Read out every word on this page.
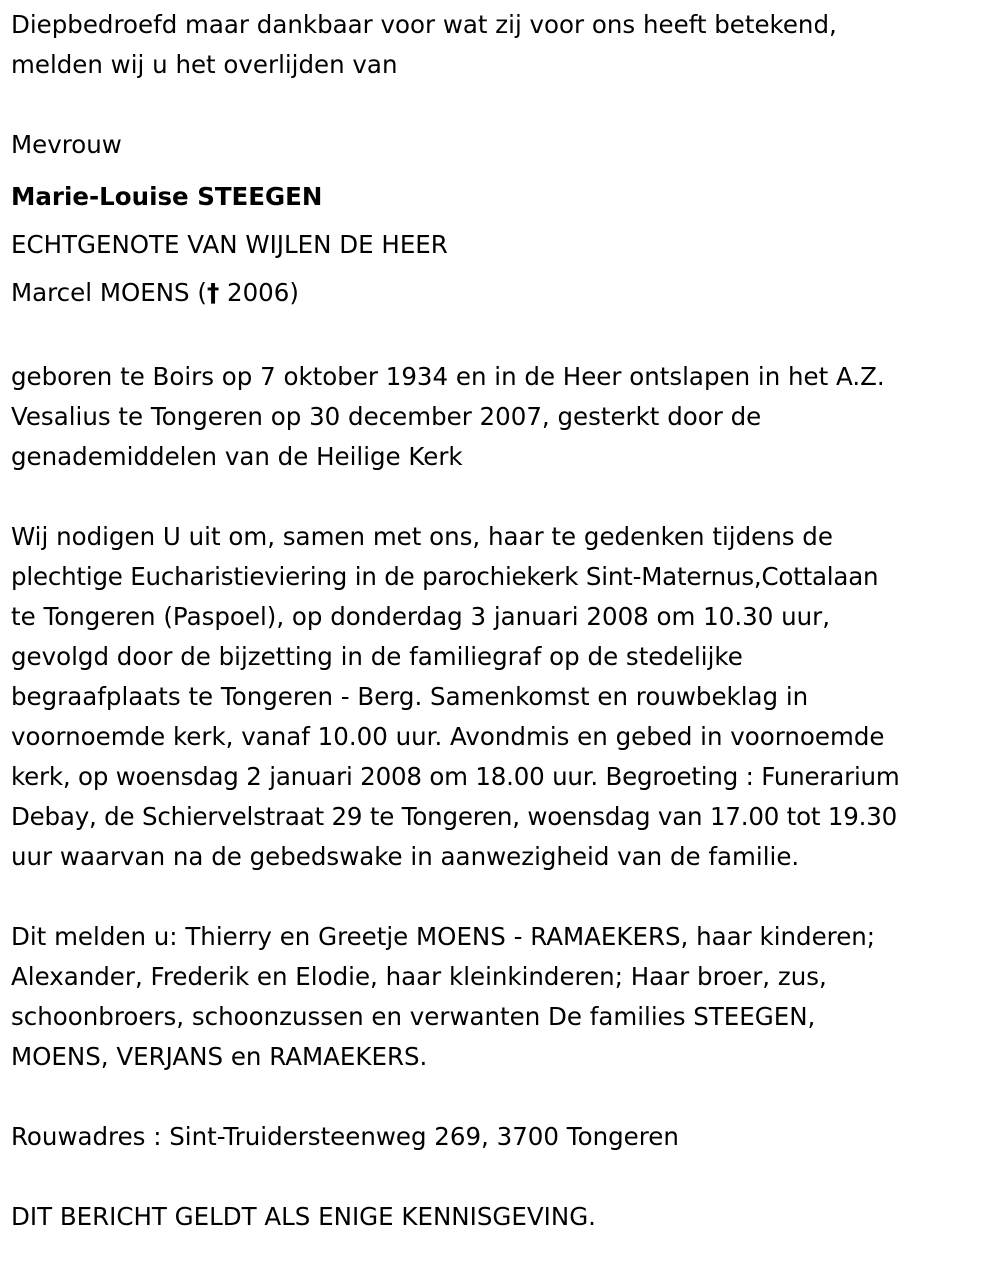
Diepbedroefd maar dankbaar voor wat zij voor ons heeft betekend,
melden wij u het overlijden van
Mevrouw
Marie-Louise STEEGEN
ECHTGENOTE VAN WIJLEN DE HEER
Marcel MOENS († 2006)
geboren te Boirs op 7 oktober 1934 en in de Heer ontslapen in het A.Z.
Vesalius te Tongeren op 30 december 2007, gesterkt door de
genademiddelen van de Heilige Kerk
Wij nodigen U uit om, samen met ons, haar te gedenken tijdens de
plechtige Eucharistieviering in de parochiekerk Sint-Maternus,Cottalaan
te Tongeren (Paspoel), op donderdag 3 januari 2008 om 10.30 uur,
gevolgd door de bijzetting in de familiegraf op de stedelijke
begraafplaats te Tongeren - Berg. Samenkomst en rouwbeklag in
voornoemde kerk, vanaf 10.00 uur. Avondmis en gebed in voornoemde
kerk, op woensdag 2 januari 2008 om 18.00 uur. Begroeting : Funerarium
Debay, de Schiervelstraat 29 te Tongeren, woensdag van 17.00 tot 19.30
uur waarvan na de gebedswake in aanwezigheid van de familie.
Dit melden u: Thierry en Greetje MOENS - RAMAEKERS, haar kinderen;
Alexander, Frederik en Elodie, haar kleinkinderen; Haar broer, zus,
schoonbroers, schoonzussen en verwanten De families STEEGEN,
MOENS, VERJANS en RAMAEKERS.
Rouwadres : Sint-Truidersteenweg 269, 3700 Tongeren
DIT BERICHT GELDT ALS ENIGE KENNISGEVING.
